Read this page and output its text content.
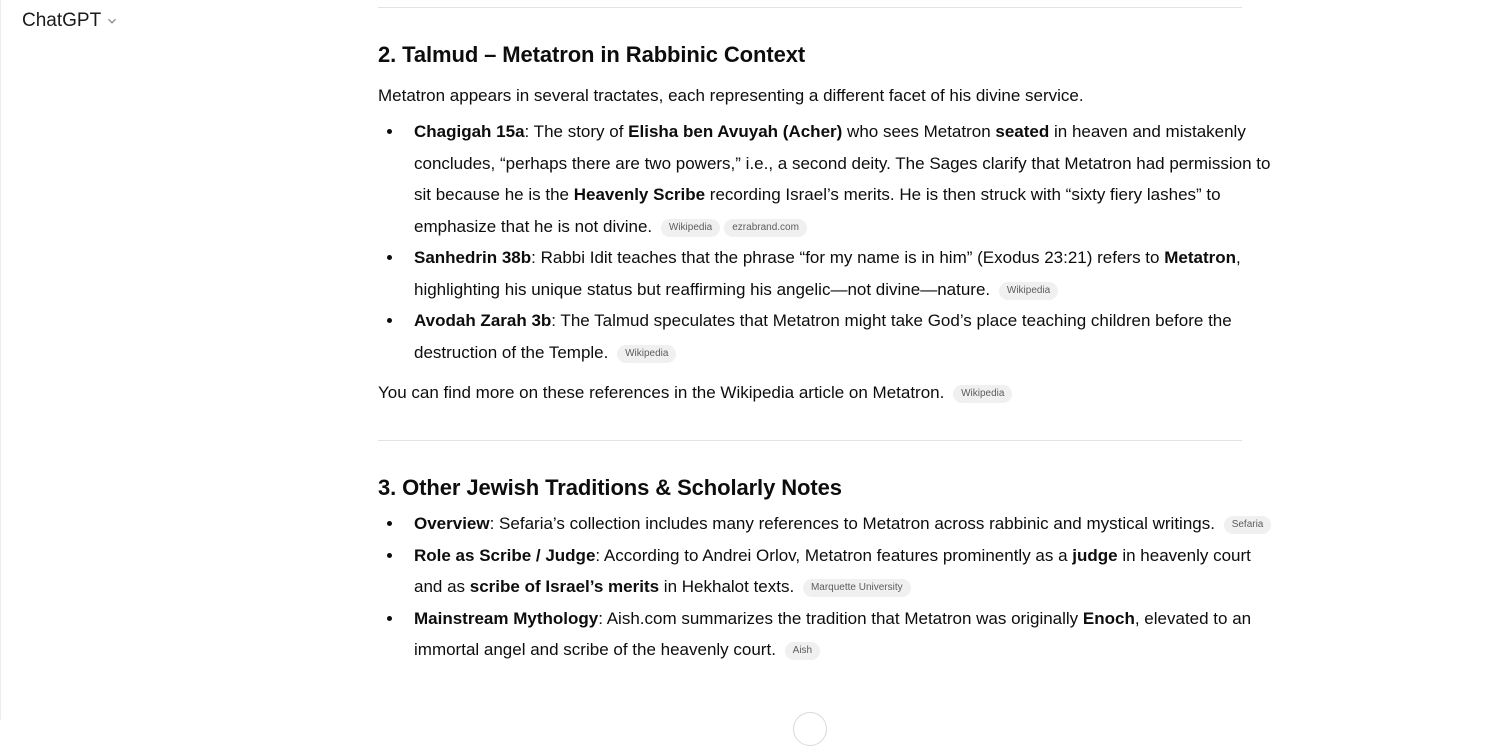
ChatGPT
2. Talmud – Metatron in Rabbinic Context

Metatron appears in several tractates, each representing a different facet of his divine service.

Chagigah 15a: The story of Elisha ben Avuyah (Acher) who sees Metatron seated in heaven and mistakenly concludes, “perhaps there are two powers,” i.e., a second deity. The Sages clarify that Metatron had permission to sit because he is the Heavenly Scribe recording Israel’s merits. He is then struck with “sixty fiery lashes” to emphasize that he is not divine. Wikipedia ezrabrand.com
Sanhedrin 38b: Rabbi Idit teaches that the phrase “for my name is in him” (Exodus 23:21) refers to Metatron, highlighting his unique status but reaffirming his angelic—not divine—nature. Wikipedia
Avodah Zarah 3b: The Talmud speculates that Metatron might take God’s place teaching children before the destruction of the Temple. Wikipedia

You can find more on these references in the Wikipedia article on Metatron. Wikipedia

3. Other Jewish Traditions & Scholarly Notes
Overview: Sefaria’s collection includes many references to Metatron across rabbinic and mystical writings. Sefaria
Role as Scribe / Judge: According to Andrei Orlov, Metatron features prominently as a judge in heavenly court and as scribe of Israel’s merits in Hekhalot texts. Marquette University
Mainstream Mythology: Aish.com summarizes the tradition that Metatron was originally Enoch, elevated to an immortal angel and scribe of the heavenly court. Aish
